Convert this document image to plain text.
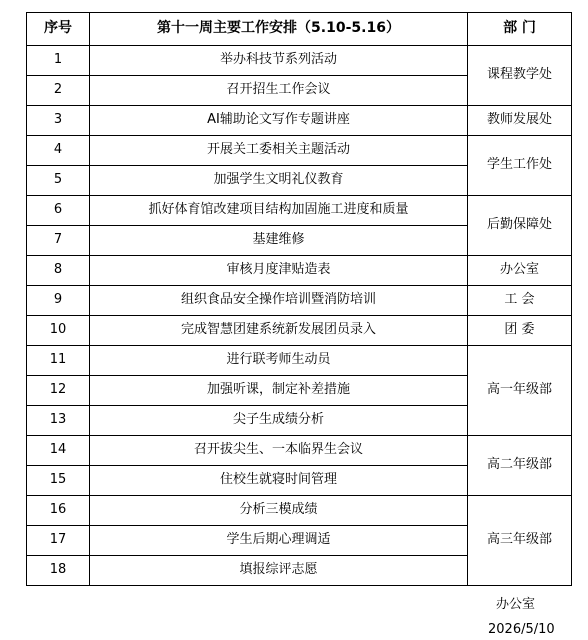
序号	第十一周主要工作安排（5.10-5.16）	部 门
1	举办科技节系列活动	课程教学处
2	召开招生工作会议	
3	AI辅助论文写作专题讲座	教师发展处
4	开展关工委相关主题活动	学生工作处
5	加强学生文明礼仪教育	
6	抓好体育馆改建项目结构加固施工进度和质量	后勤保障处
7	基建维修	
8	审核月度津贴造表	办公室
9	组织食品安全操作培训暨消防培训	工 会
10	完成智慧团建系统新发展团员录入	团 委
11	进行联考师生动员	高一年级部
12	加强听课，制定补差措施	
13	尖子生成绩分析	
14	召开拔尖生、一本临界生会议	高二年级部
15	住校生就寝时间管理	
16	分析三模成绩	高三年级部
17	学生后期心理调适	
18	填报综评志愿	
办公室
2026/5/10
